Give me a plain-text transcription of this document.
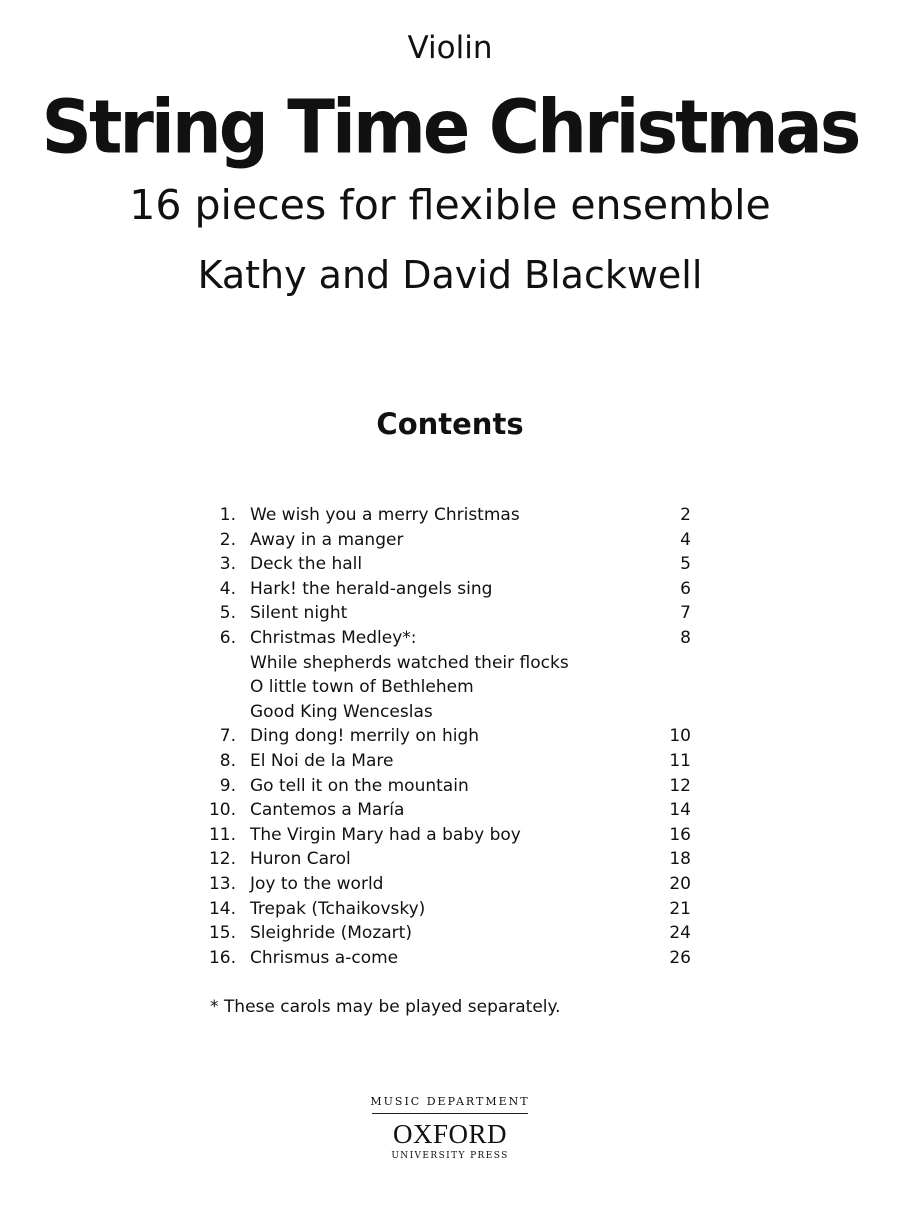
Violin
String Time Christmas
16 pieces for flexible ensemble
Kathy and David Blackwell
Contents
1. We wish you a merry Christmas	2
2. Away in a manger	4
3. Deck the hall	5
4. Hark! the herald-angels sing	6
5. Silent night	7
6. Christmas Medley*:	8
While shepherds watched their flocks
O little town of Bethlehem
Good King Wenceslas
7. Ding dong! merrily on high	10
8. El Noi de la Mare	11
9. Go tell it on the mountain	12
10. Cantemos a María	14
11. The Virgin Mary had a baby boy	16
12. Huron Carol	18
13. Joy to the world	20
14. Trepak (Tchaikovsky)	21
15. Sleighride (Mozart)	24
16. Chrismus a-come	26
* These carols may be played separately.
MUSIC DEPARTMENT
OXFORD
UNIVERSITY PRESS
